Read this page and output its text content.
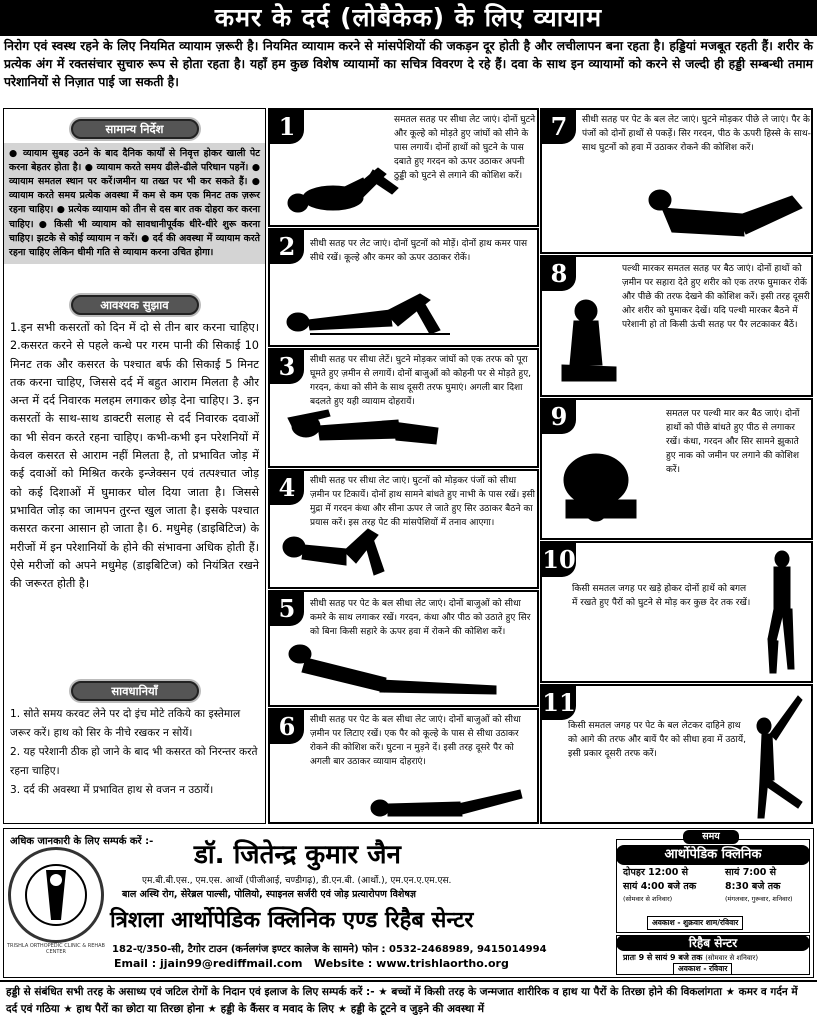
कमर के दर्द (लोबैकेक) के लिए व्यायाम
निरोग एवं स्वस्थ रहने के लिए नियमित व्यायाम ज़रूरी है। नियमित व्यायाम करने से मांसपेशियों की जकड़न दूर होती है और लचीलापन बना रहता है। हड्डियां मजबूत रहती हैं। शरीर के प्रत्येक अंग में रक्तसंचार सुचारु रूप से होता रहता है। यहाँ हम कुछ विशेष व्यायामों का सचित्र विवरण दे रहे हैं। दवा के साथ इन व्यायामों को करने से जल्दी ही हड्डी सम्बन्धी तमाम परेशानियों से निज़ात पाई जा सकती है।
सामान्य निर्देश
● व्यायाम सुबह उठने के बाद दैनिक कार्यों से निवृत्त होकर खाली पेट करना बेहतर होता है। ● व्यायाम करते समय ढीले-ढीले परिधान पहनें। ● व्यायाम समतल स्थान पर करें।जमीन या तख्त पर भी कर सकते हैं। ● व्यायाम करते समय प्रत्येक अवस्था में कम से कम एक मिनट तक ज़रूर रहना चाहिए। ● प्रत्येक व्यायाम को तीन से दस बार तक दोहरा कर करना चाहिए। ● किसी भी व्यायाम को सावधानीपूर्वक धीरे-धीरे शुरू करना चाहिए। झटके से कोई व्यायाम न करें। ● दर्द की अवस्था में व्यायाम करते रहना चाहिए लेकिन धीमी गति से व्यायाम करना उचित होगा।
आवश्यक सुझाव
1.इन सभी कसरतों को दिन में दो से तीन बार करना चाहिए। 2.कसरत करने से पहले कन्धे पर गरम पानी की सिकाई 10 मिनट तक और कसरत के पश्चात बर्फ की सिकाई 5 मिनट तक करना चाहिए, जिससे दर्द में बहुत आराम मिलता है और अन्त में दर्द निवारक मलहम लगाकर छोड़ देना चाहिए। 3. इन कसरतों के साथ-साथ डाक्टरी सलाह से दर्द निवारक दवाओं का भी सेवन करते रहना चाहिए। कभी-कभी इन परेशनियों में केवल कसरत से आराम नहीं मिलता है, तो प्रभावित जोड़ में कई दवाओं को मिश्रित करके इन्जेक्सन एवं तत्पश्चात जोड़ को कई दिशाओं में घुमाकर घोल दिया जाता है। जिससे प्रभावित जोड़ का जामपन तुरन्त खुल जाता है। इसके पश्चात कसरत करना आसान हो जाता है। 6. मधुमेह (डाइबिटिज) के मरीजों में इन परेशानियों के होने की संभावना अधिक होती हैं। ऐसे मरीजों को अपने मधुमेह (डाइबिटिज) को नियंत्रित रखने की जरूरत होती है।
सावधानियाँ

1. सोते समय करवट लेने पर दो इंच मोटे तकिये का इस्तेमाल जरूर करें। हाथ को सिर के नीचे रखकर न सोयें।

2. यह परेशानी ठीक हो जाने के बाद भी कसरत को निरन्तर करते रहना चाहिए।

3. दर्द की अवस्था में प्रभावित हाथ से वजन न उठायें।

1	समतल सतह पर सीधा लेट जाएं। दोनों घुटने और कूल्हे को मोड़ते हुए जांघों को सीने के पास लगायें। दोनों हाथों को घुटने के पास दबाते हुए गरदन को ऊपर उठाकर अपनी ठुड्डी को घुटने से लगाने की कोशिश करें।
2	सीधी सतह पर लेट जाएं। दोनों घुटनों को मोड़ें। दोनों हाथ कमर पास सीधे रखें। कूल्हे और कमर को ऊपर उठाकर रोकें।
3	सीधी सतह पर सीधा लेटें। घुटने मोड़कर जांघों को एक तरफ को पूरा घूमते हुए ज़मीन से लगायें। दोनों बाजुओं को कोहनी पर से मोड़ते हुए, गरदन, कंधा को सीने के साथ दूसरी तरफ घुमाएं। अगली बार दिशा बदलते हुए यही व्यायाम दोहरायें।
4	सीधी सतह पर सीधा लेट जाएं। घुटनों को मोड़कर पंजों को सीधा ज़मीन पर टिकायें। दोनों हाथ सामने बांधते हुए नाभी के पास रखें। इसी मुद्रा में गरदन कंधा और सीना ऊपर ले जाते हुए सिर उठाकर बैठने का प्रयास करें। इस तरह पेट की मांसपेशियों में तनाव आएगा।
5	सीधी सतह पर पेट के बल सीधा लेट जाएं। दोनों बाजुओं को सीधा कमरे के साथ लगाकर रखें। गरदन, कंधा और पीठ को उठाते हुए सिर को बिना किसी सहारे के ऊपर हवा में रोकने की कोशिश करें।
6	सीधी सतह पर पेट के बल सीधा लेट जाएं। दोनों बाजुओं को सीधा ज़मीन पर लिटाए रखें। एक पैर को कूल्हे के पास से सीधा उठाकर रोकने की कोशिश करें। घुटना न मुड़ने दें। इसी तरह दूसरे पैर को अगली बार उठाकर व्यायाम दोहराएं।
7	सीधी सतह पर पेट के बल लेट जाएं। घुटने मोड़कर पीछे ले जाएं। पैर के पंजों को दोनों हाथों से पकड़ें। सिर गरदन, पीठ के ऊपरी हिस्से के साथ-साथ घुटनों को हवा में उठाकर रोकने की कोशिश करें।
8	पल्थी मारकर समतल सतह पर बैठ जाएं। दोनों हाथों को ज़मीन पर सहारा देते हुए शरीर को एक तरफ घुमाकर रोकें और पीछे की तरफ देखने की कोशिश करें। इसी तरह दूसरी ओर शरीर को घुमाकर देखें। यदि पल्थी मारकर बैठने में परेशानी हो तो किसी ऊंची सतह पर पैर लटकाकर बैठें।
9	समतल पर पल्थी मार कर बैठ जाएं। दोनों हाथों को पीछे बांधते हुए पीठ से लगाकर रखें। कंधा, गरदन और सिर सामने झुकाते हुए नाक को जमीन पर लगाने की कोशिश करें।
10
किसी समतल जगह पर खड़े होकर दोनों हाथें को बगल में रखते हुए पैरों को घुटने से मोड़ कर कुछ देर तक रखें।
11
किसी समतल जगह पर पेट के बल लेटकर दाहिने हाथ को आगे की तरफ और बायें पैर को सीधा हवा में उठायें, इसी प्रकार दूसरी तरफ करें।
अधिक जानकारी के लिए सम्पर्क करें :-
TRISHLA ORTHOPEDIC CLINIC & REHAB CENTER
डॉ. जितेन्द्र कुमार जैन
एम.बी.बी.एस., एम.एस. आर्थो (पीजीआई, चण्डीगढ़), डी.एन.बी. (आर्थो.), एम.एन.ए.एम.एस.
बाल अस्थि रोग, सेरेब्रल पाल्सी, पोलियो, स्पाइनल सर्जरी एवं जोड़ प्रत्यारोपण विशेषज्ञ
त्रिशला आर्थोपेडिक क्लिनिक एण्ड रिहैब सेन्टर
182-ए/350-सी, टैगोर टाउन (कर्नलगंज इण्टर कालेज के सामने) फोन : 0532-2468989, 9415014994
Email : jjain99@rediffmail.com Website : www.trishlaortho.org
समय
आर्थोपेडिक क्लिनिक
दोपहर 12:00 से
सायं 4:00 बजे तक
(सोमवार से शनिवार)
सायं 7:00 से
8:30 बजे तक
(मंगलवार, गुरूवार, शनिवार)
अवकाश - शुक्रवार शाम/रविवार
रिहैब सेन्टर
प्रातः 9 से सायं 9 बजे तक (सोमवार से शनिवार)
अवकाश - रविवार
हड्डी से संबंधित सभी तरह के असाध्य एवं जटिल रोगों के निदान एवं इलाज के लिए सम्पर्क करें :- ★ बच्चों में किसी तरह के जन्मजात शारीरिक व हाथ या पैरों के तिरछा होने की विकलांगता ★ कमर व गर्दन में दर्द एवं गठिया ★ हाथ पैरों का छोटा या तिरछा होना ★ हड्डी के कैंसर व मवाद के लिए ★ हड्डी के टूटने व जुड़ने की अवस्था में
